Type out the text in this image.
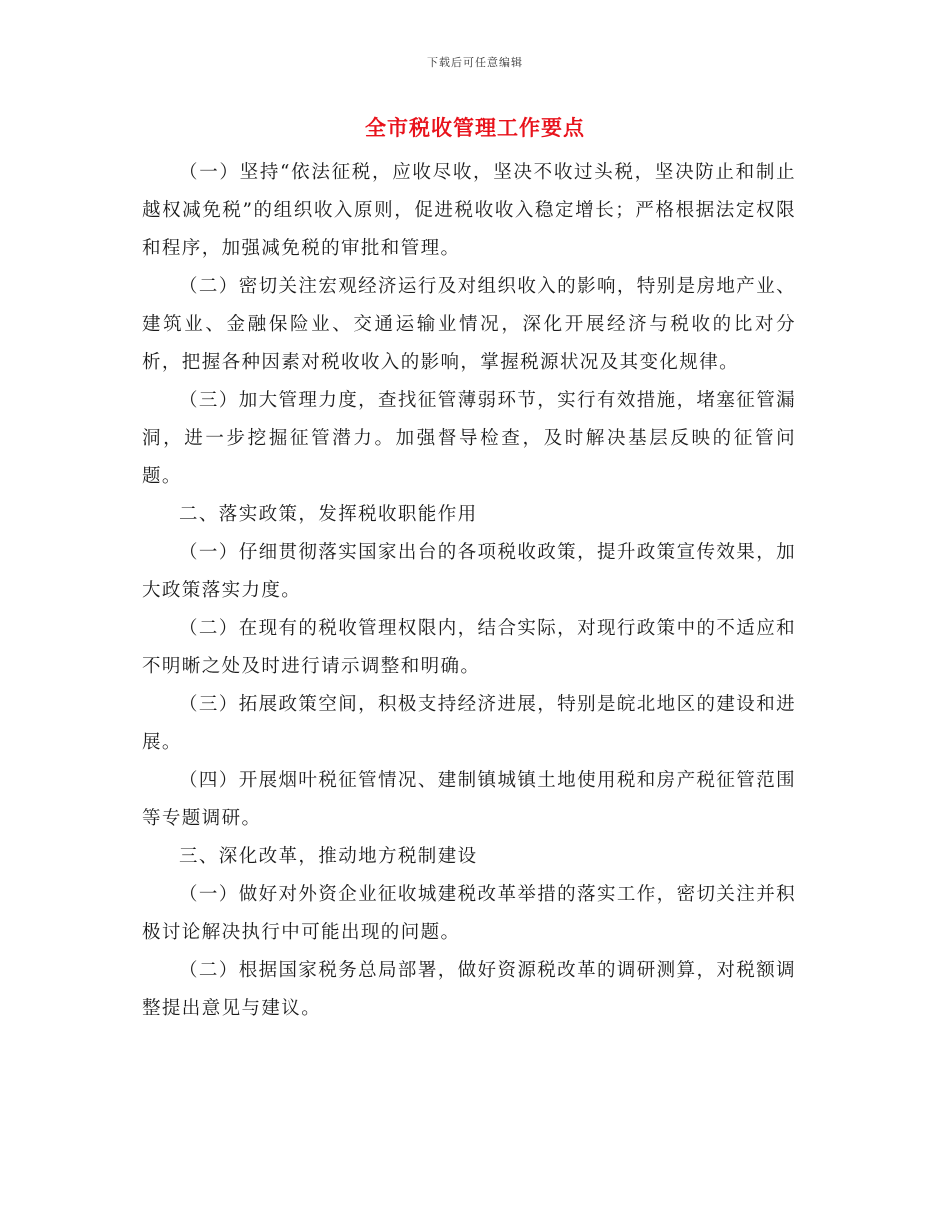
下载后可任意编辑
全市税收管理工作要点

（一）坚持“依法征税，应收尽收，坚决不收过头税，坚决防止和制止越权减免税”的组织收入原则，促进税收收入稳定增长；严格根据法定权限和程序，加强减免税的审批和管理。

（二）密切关注宏观经济运行及对组织收入的影响，特别是房地产业、建筑业、金融保险业、交通运输业情况，深化开展经济与税收的比对分析，把握各种因素对税收收入的影响，掌握税源状况及其变化规律。

（三）加大管理力度，查找征管薄弱环节，实行有效措施，堵塞征管漏洞，进一步挖掘征管潜力。加强督导检查，及时解决基层反映的征管问题。

二、落实政策，发挥税收职能作用

（一）仔细贯彻落实国家出台的各项税收政策，提升政策宣传效果，加大政策落实力度。

（二）在现有的税收管理权限内，结合实际，对现行政策中的不适应和不明晰之处及时进行请示调整和明确。

（三）拓展政策空间，积极支持经济进展，特别是皖北地区的建设和进展。

（四）开展烟叶税征管情况、建制镇城镇土地使用税和房产税征管范围等专题调研。

三、深化改革，推动地方税制建设

（一）做好对外资企业征收城建税改革举措的落实工作，密切关注并积极讨论解决执行中可能出现的问题。

（二）根据国家税务总局部署，做好资源税改革的调研测算，对税额调整提出意见与建议。
